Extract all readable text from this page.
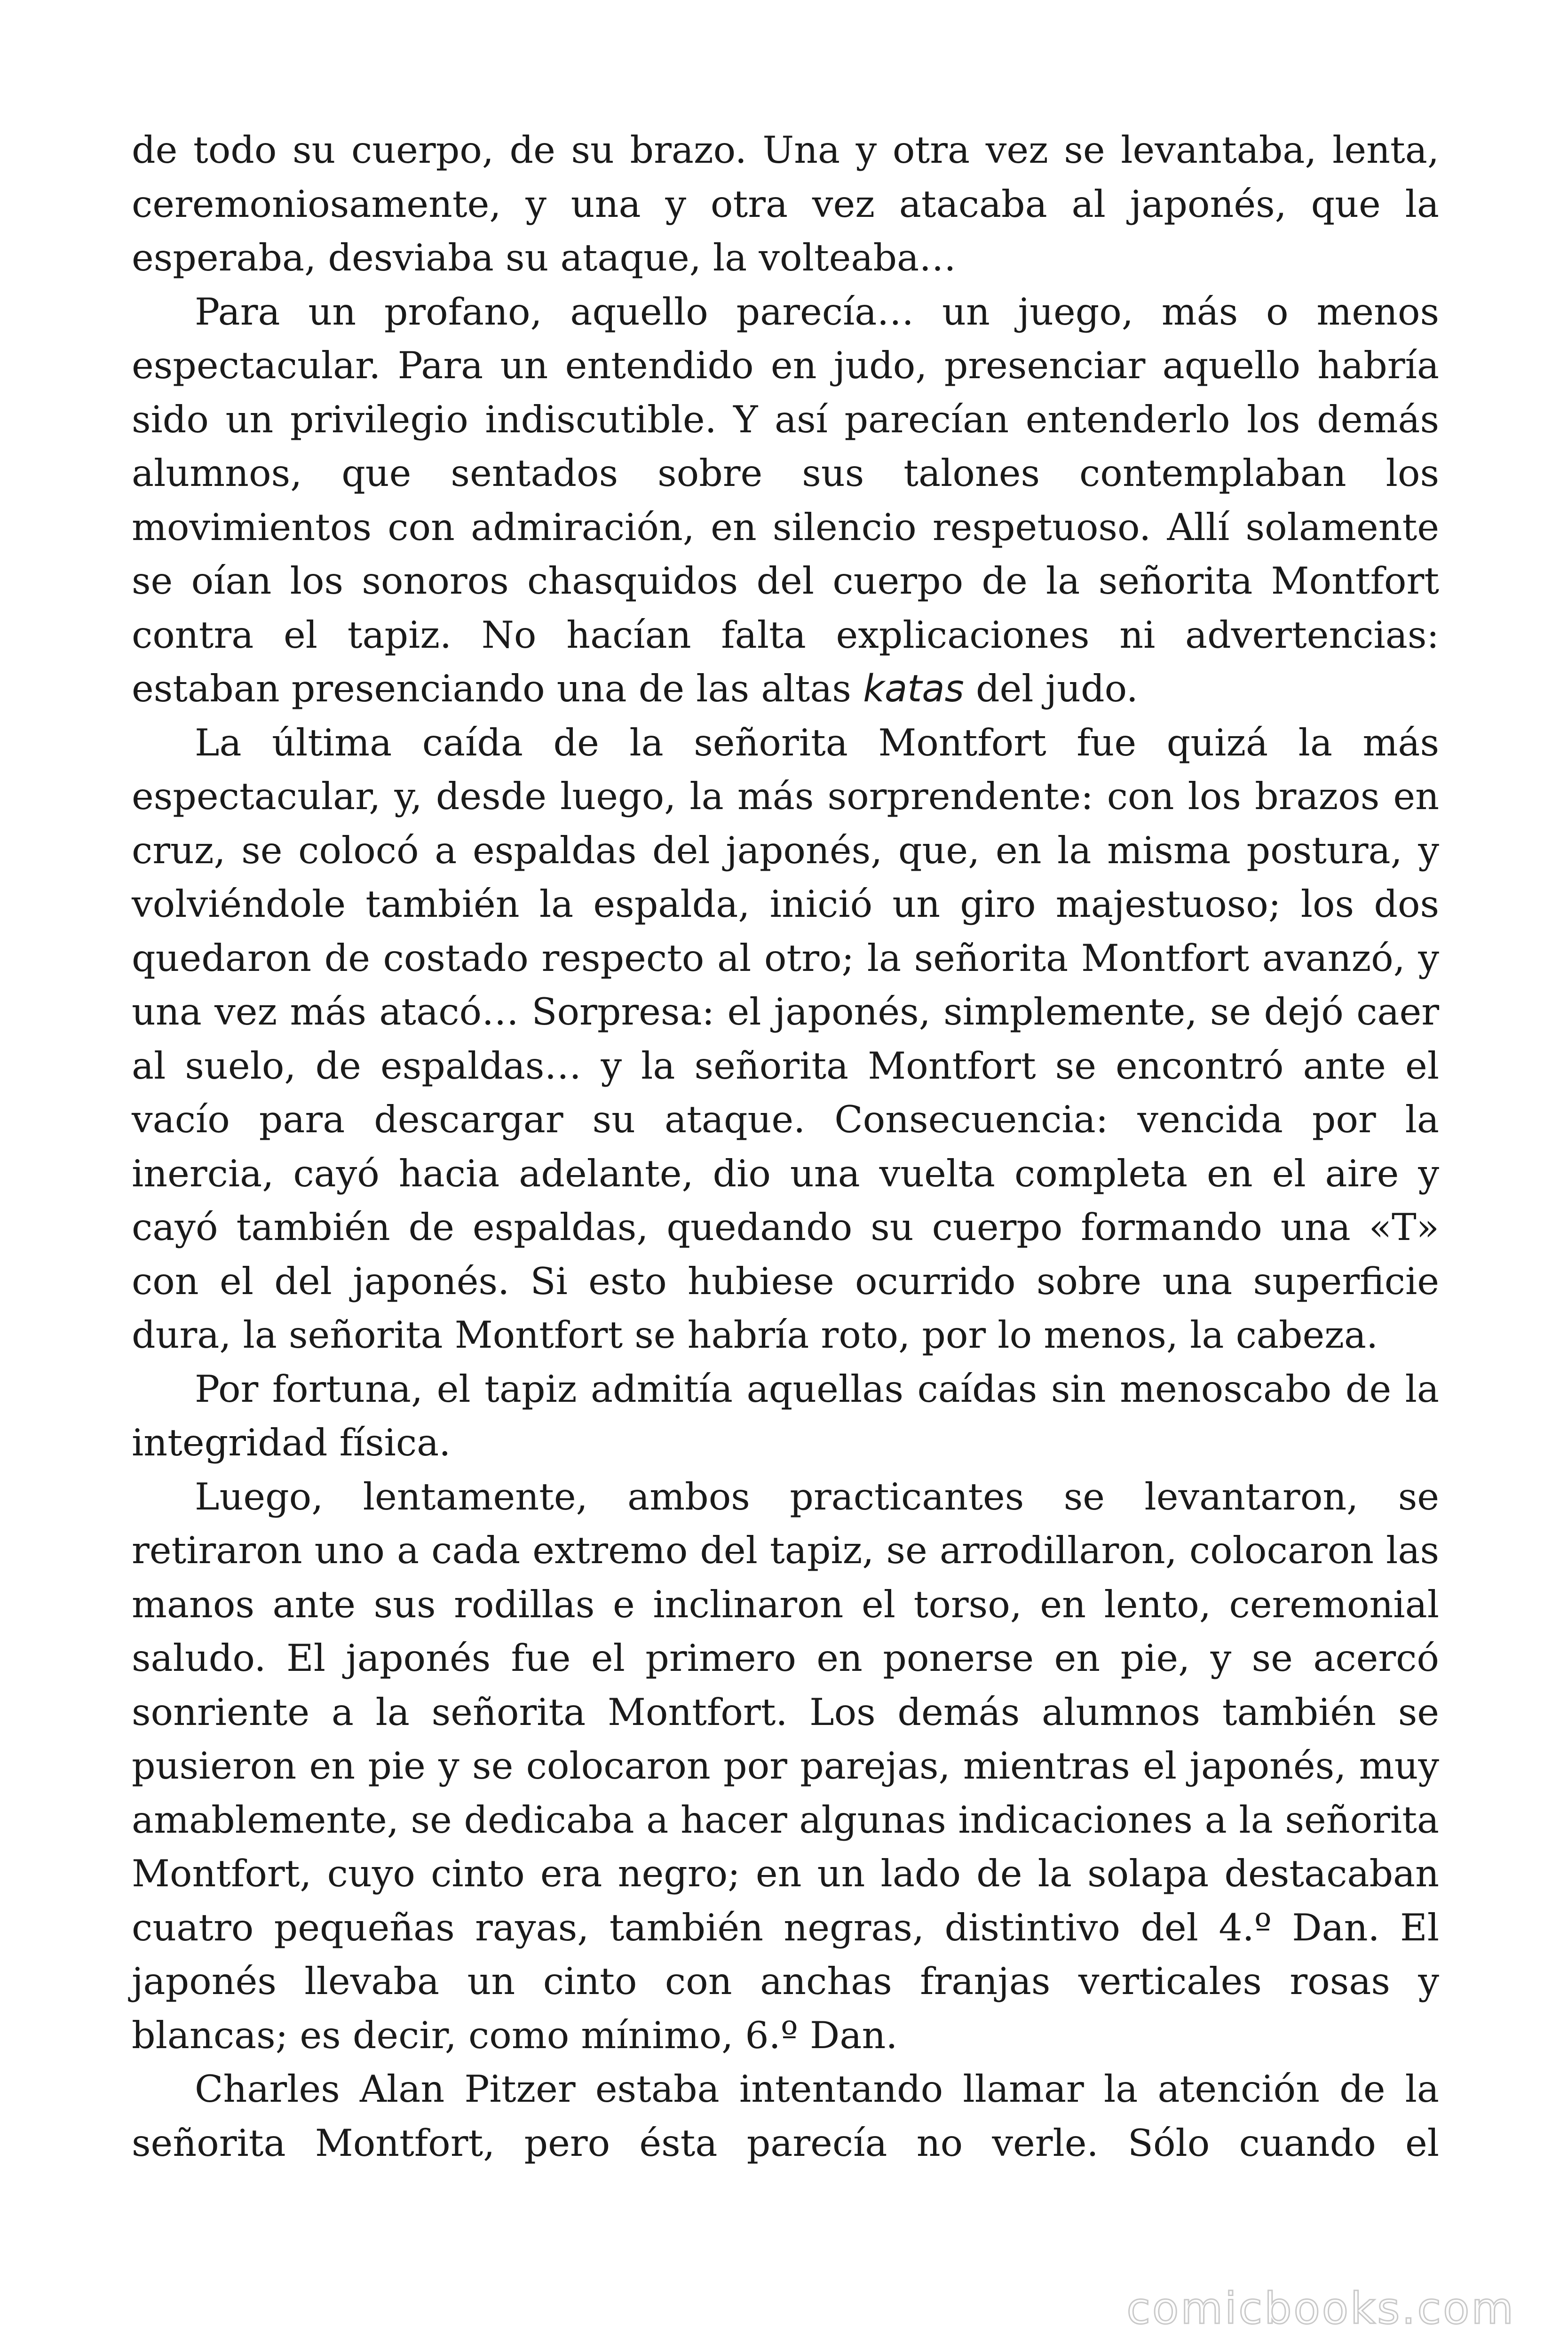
de todo su cuerpo, de su brazo. Una y otra vez se levantaba, lenta, ceremoniosamente, y una y otra vez atacaba al japonés, que la esperaba, desviaba su ataque, la volteaba…

Para un profano, aquello parecía… un juego, más o menos espectacular. Para un entendido en judo, presenciar aquello habría sido un privilegio indiscutible. Y así parecían entenderlo los demás alumnos, que sentados sobre sus talones contemplaban los movimientos con admiración, en silencio respetuoso. Allí solamente se oían los sonoros chasquidos del cuerpo de la señorita Montfort contra el tapiz. No hacían falta explicaciones ni advertencias: estaban presenciando una de las altas katas del judo.

La última caída de la señorita Montfort fue quizá la más espectacular, y, desde luego, la más sorprendente: con los brazos en cruz, se colocó a espaldas del japonés, que, en la misma postura, y volviéndole también la espalda, inició un giro majestuoso; los dos quedaron de costado respecto al otro; la señorita Montfort avanzó, y una vez más atacó… Sorpresa: el japonés, simplemente, se dejó caer al suelo, de espaldas… y la señorita Montfort se encontró ante el vacío para descargar su ataque. Consecuencia: vencida por la inercia, cayó hacia adelante, dio una vuelta completa en el aire y cayó también de espaldas, quedando su cuerpo formando una «T» con el del japonés. Si esto hubiese ocurrido sobre una superficie dura, la señorita Montfort se habría roto, por lo menos, la cabeza.

Por fortuna, el tapiz admitía aquellas caídas sin menoscabo de la integridad física.

Luego, lentamente, ambos practicantes se levantaron, se retiraron uno a cada extremo del tapiz, se arrodillaron, colocaron las manos ante sus rodillas e inclinaron el torso, en lento, ceremonial saludo. El japonés fue el primero en ponerse en pie, y se acercó sonriente a la señorita Montfort. Los demás alumnos también se pusieron en pie y se colocaron por parejas, mientras el japonés, muy amablemente, se dedicaba a hacer algunas indicaciones a la señorita Montfort, cuyo cinto era negro; en un lado de la solapa destacaban cuatro pequeñas rayas, también negras, distintivo del 4.º Dan. El japonés llevaba un cinto con anchas franjas verticales rosas y blancas; es decir, como mínimo, 6.º Dan.

Charles Alan Pitzer estaba intentando llamar la atención de la señorita Montfort, pero ésta parecía no verle. Sólo cuando el

comicbooks.com
